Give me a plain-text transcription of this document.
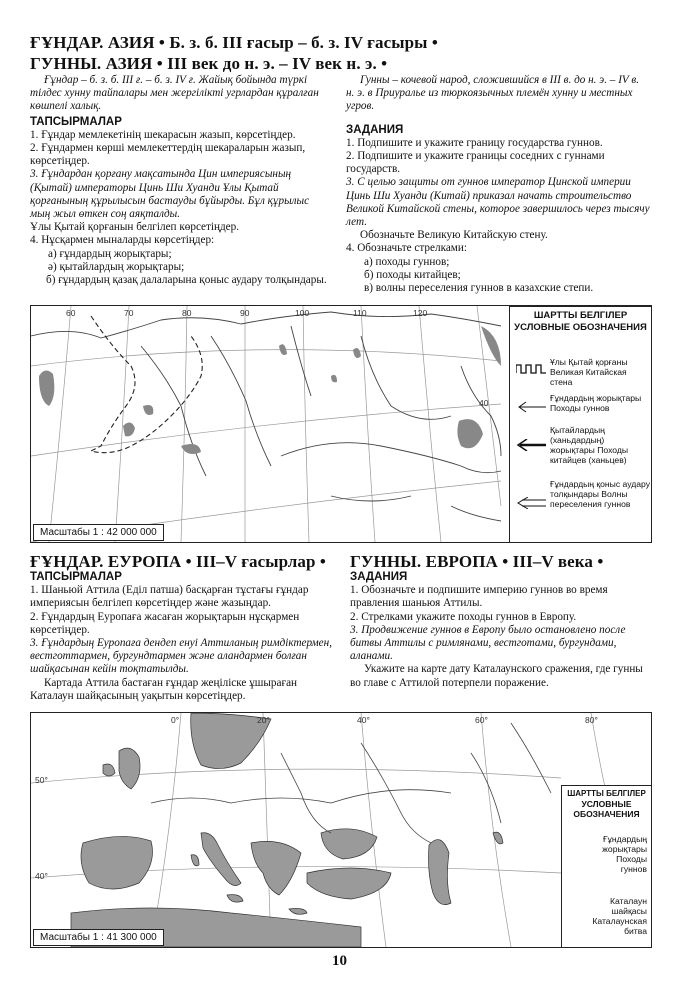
ҒҰНДАР. АЗИЯ • Б. з. б. ІІІ ғасыр – б. з. ІV ғасыры •
ГУННЫ. АЗИЯ • III век до н. э. – IV век н. э. •

Ғұндар – б. з. б. ІІІ ғ. – б. з. ІV ғ. Жайық бойында түркі тілдес хунну тайпалары мен жергілікті угрлардан құралған көшпелі халық.

ТАПСЫРМАЛАР

1. Ғұндар мемлекетінің шекарасын жазып, көрсетіңдер.

2. Ғұндармен көрші мемлекеттердің шекараларын жазып, көрсетіңдер.

3. Ғұндардан қорғану мақсатында Цин империясының (Қытай) императоры Цинь Ши Хуанди Ұлы Қытай қорғанының құрылысын бастауды бұйырды. Бұл құрылыс мың жыл өткен соң аяқталды.

Ұлы Қытай қорғанын белгілеп көрсетіңдер.

4. Нұсқармен мыналарды көрсетіңдер:

а) ғұндардың жорықтары;

ә) қытайлардың жорықтары;

б) ғұндардың қазақ далаларына қоныс аудару толқындары.

Гунны – кочевой народ, сложившийся в III в. до н. э. – IV в. н. э. в Приуралье из тюркоязычных племён хунну и местных угров.

ЗАДАНИЯ

1. Подпишите и укажите границу государства гуннов.

2. Подпишите и укажите границы соседних с гуннами государств.

3. С целью защиты от гуннов император Цинской империи Цинь Ши Хуанди (Китай) приказал начать строительство Великой Китайской стены, которое завершилось через тысячу лет.

Обозначьте Великую Китайскую стену.

4. Обозначьте стрелками:

а) походы гуннов;

б) походы китайцев;

в) волны переселения гуннов в казахские степи.

60	70	80	90	100	110	120
40
Масштабы 1 : 42 000 000
ШАРТТЫ БЕЛГІЛЕР
УСЛОВНЫЕ ОБОЗНАЧЕНИЯ
Ұлы Қытай қорғаны Великая Китайская стена
Ғұндардың жорықтары Походы гуннов
Қытайлардың (ханьдардың) жорықтары Походы китайцев (ханьцев)
Ғұндардың қоныс аудару толқындары Волны переселения гуннов
ҒҰНДАР. ЕУРОПА • ІІІ–V ғасырлар • ГУННЫ. ЕВРОПА • III–V века •

ТАПСЫРМАЛАР

1. Шаньюй Аттила (Еділ патша) басқарған тұстағы ғұндар империясын белгілеп көрсетіңдер және жазыңдар.

2. Ғұндардың Еуропаға жасаған жорықтарын нұсқармен көрсетіңдер.

3. Ғұндардың Еуропаға дендеп енуі Аттиланың римдіктермен, вестготтармен, бургундтармен және аландармен болған шайқасынан кейін тоқтатылды.

Картада Аттила бастаған ғұндар жеңіліске ұшыраған Каталаун шайқасының уақытын көрсетіңдер.

ЗАДАНИЯ

1. Обозначьте и подпишите империю гуннов во время правления шаньюя Аттилы.

2. Стрелками укажите походы гуннов в Европу.

3. Продвижение гуннов в Европу было остановлено после битвы Аттилы с римлянами, вестготами, бургундами, аланами.

Укажите на карте дату Каталаунского сражения, где гунны во главе с Аттилой потерпели поражение.

0°	20°	40°	60°	80°
50°
40°
Масштабы 1 : 41 300 000
ШАРТТЫ БЕЛГІЛЕР
УСЛОВНЫЕ ОБОЗНАЧЕНИЯ
Ғұндардың жорықтары Походы гуннов
Каталаун шайқасы Каталаунская битва
10
